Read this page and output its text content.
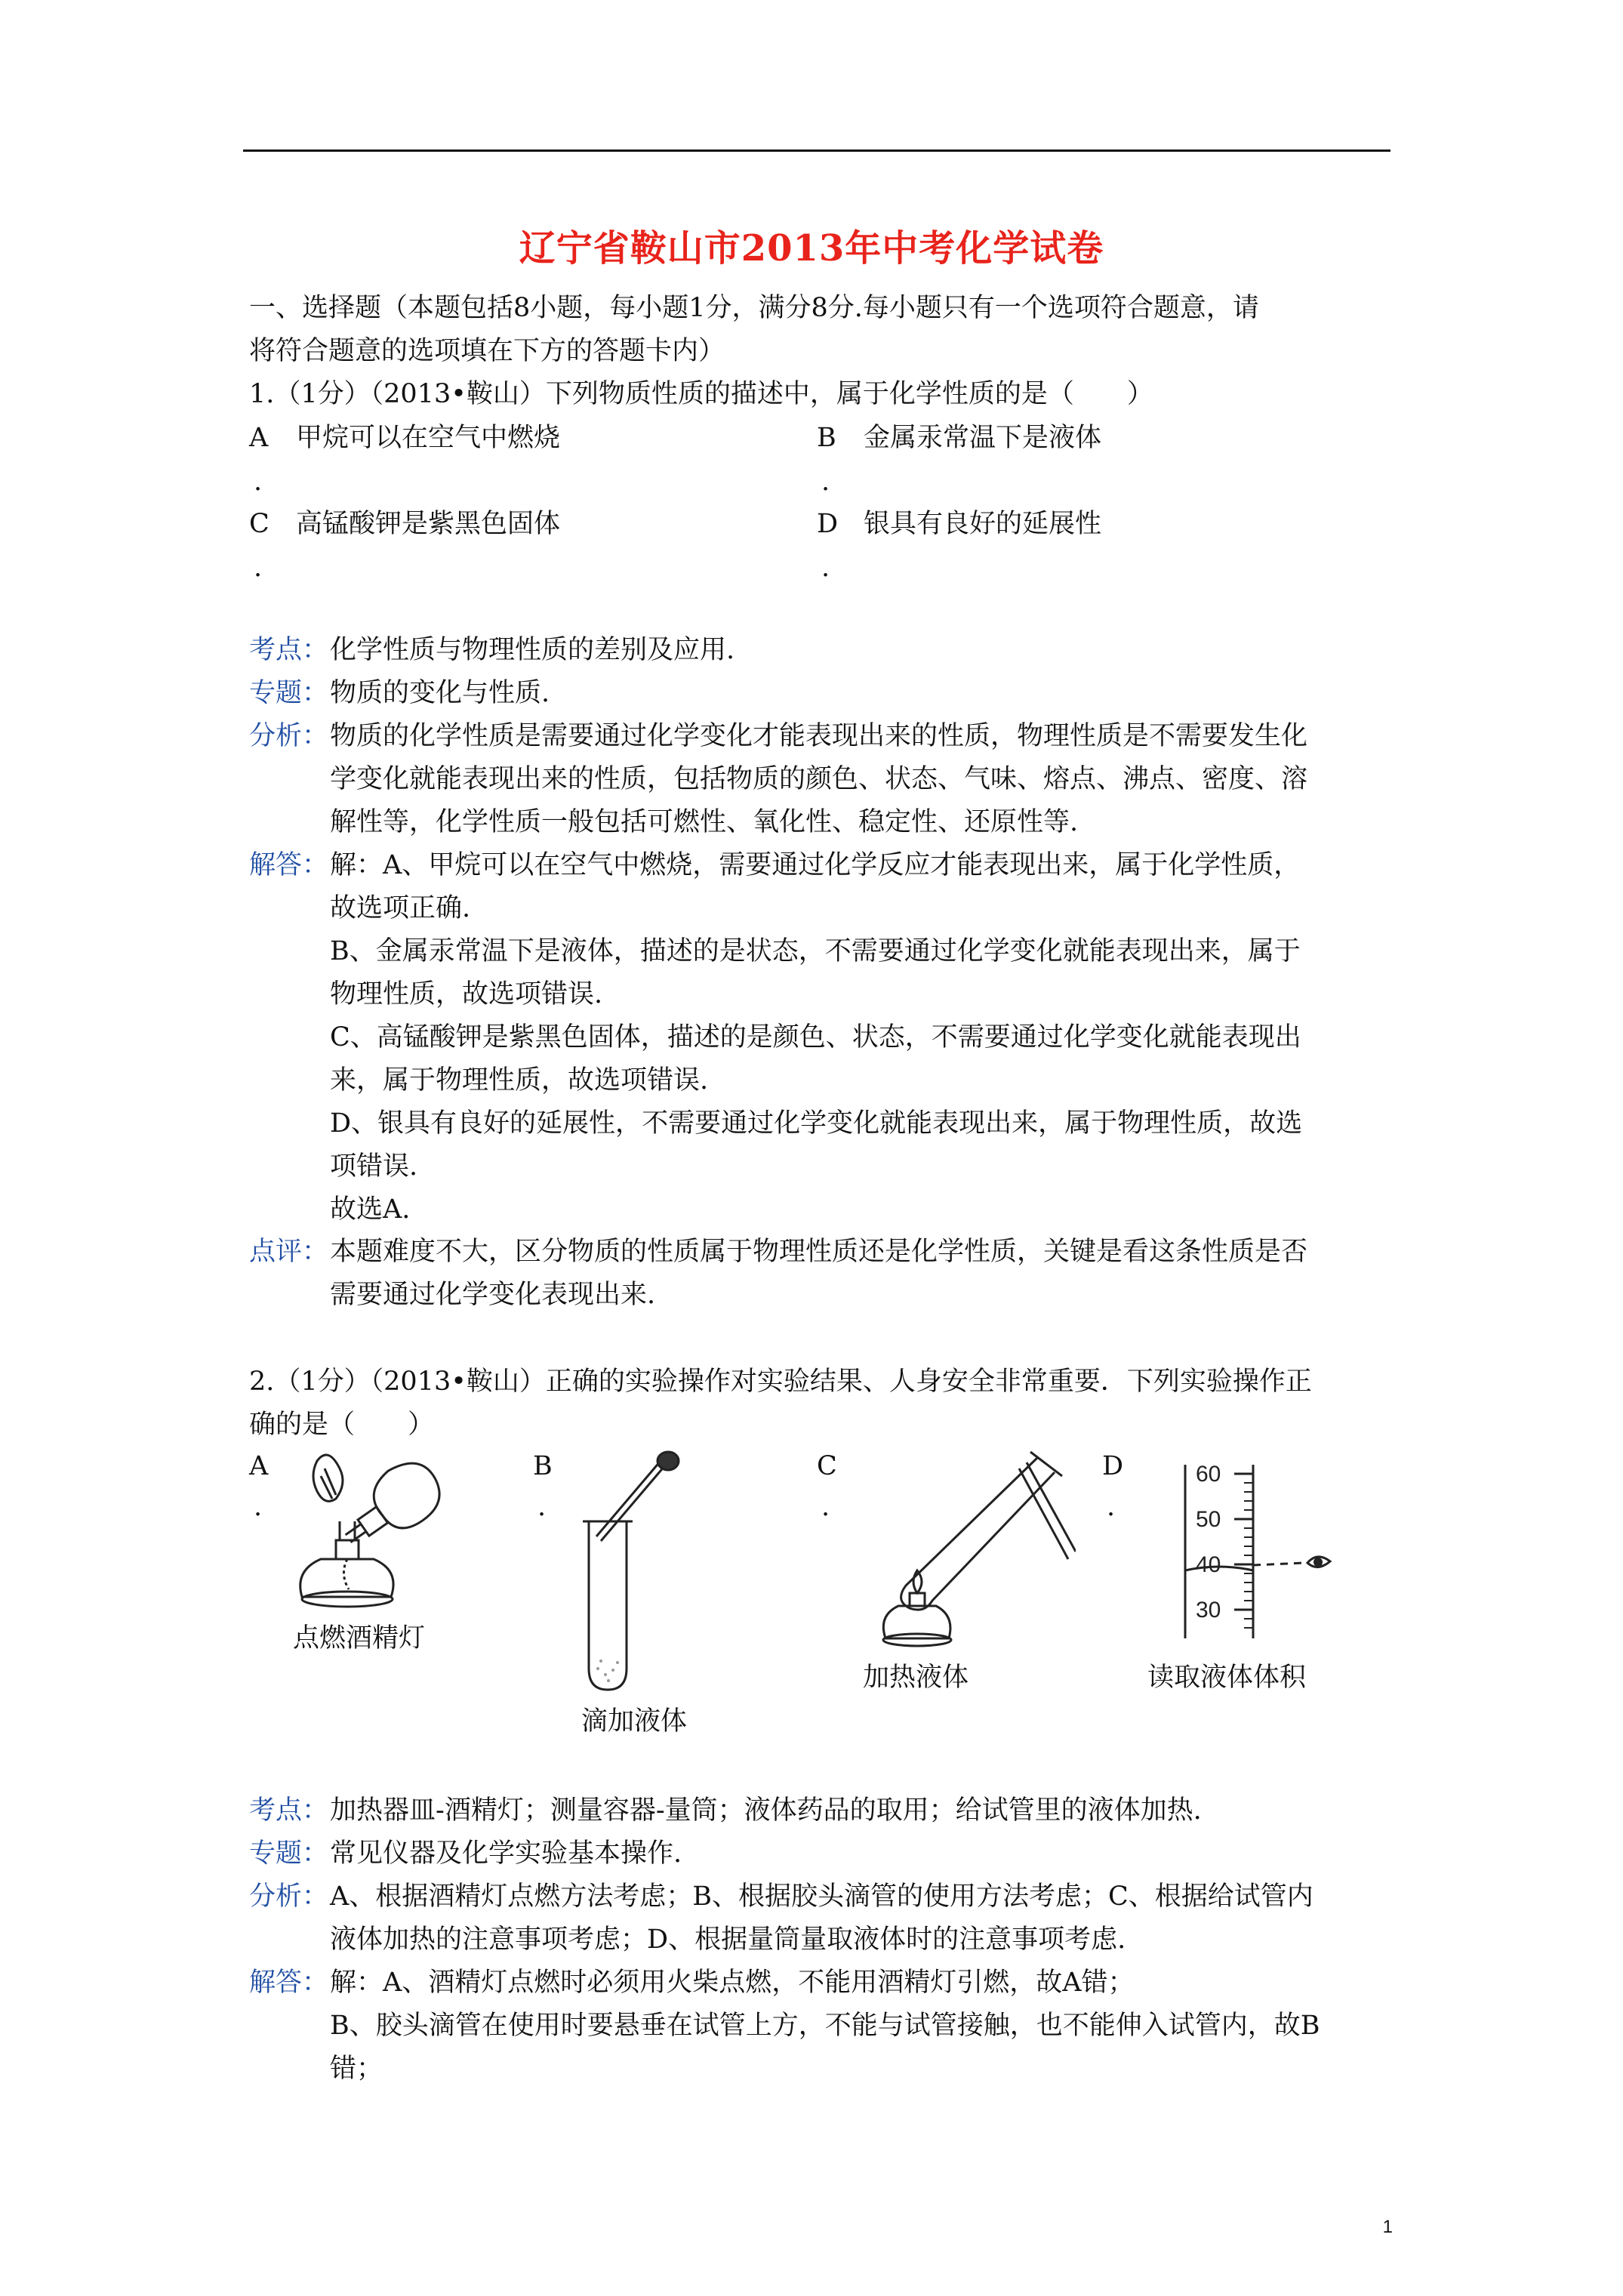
辽宁省鞍山市2013年中考化学试卷
一、选择题（本题包括8小题，每小题1分，满分8分.每小题只有一个选项符合题意，请
将符合题意的选项填在下方的答题卡内）
1.（1分）（2013•鞍山）下列物质性质的描述中，属于化学性质的是（　　）
A 甲烷可以在空气中燃烧
.
B 金属汞常温下是液体
.
C 高锰酸钾是紫黑色固体
.
D 银具有良好的延展性
.
考点： 化学性质与物理性质的差别及应用.
专题： 物质的变化与性质.
分析： 物质的化学性质是需要通过化学变化才能表现出来的性质，物理性质是不需要发生化
学变化就能表现出来的性质，包括物质的颜色、状态、气味、熔点、沸点、密度、溶
解性等，化学性质一般包括可燃性、氧化性、稳定性、还原性等.
解答： 解：A、甲烷可以在空气中燃烧，需要通过化学反应才能表现出来，属于化学性质，
故选项正确.
B、金属汞常温下是液体，描述的是状态，不需要通过化学变化就能表现出来，属于
物理性质，故选项错误.
C、高锰酸钾是紫黑色固体，描述的是颜色、状态，不需要通过化学变化就能表现出
来，属于物理性质，故选项错误.
D、银具有良好的延展性，不需要通过化学变化就能表现出来，属于物理性质，故选
项错误.
故选A.
点评： 本题难度不大，区分物质的性质属于物理性质还是化学性质，关键是看这条性质是否
需要通过化学变化表现出来.
2.（1分）（2013•鞍山）正确的实验操作对实验结果、人身安全非常重要．下列实验操作正
确的是（　　）
A
.
B
.
C
.
D
.
点燃酒精灯
滴加液体
加热液体
60
50
40
30
读取液体体积
考点： 加热器皿-酒精灯；测量容器-量筒；液体药品的取用；给试管里的液体加热.
专题： 常见仪器及化学实验基本操作.
分析： A、根据酒精灯点燃方法考虑；B、根据胶头滴管的使用方法考虑；C、根据给试管内
液体加热的注意事项考虑；D、根据量筒量取液体时的注意事项考虑.
解答： 解：A、酒精灯点燃时必须用火柴点燃，不能用酒精灯引燃，故A错；
B、胶头滴管在使用时要悬垂在试管上方，不能与试管接触，也不能伸入试管内，故B
错；
1
